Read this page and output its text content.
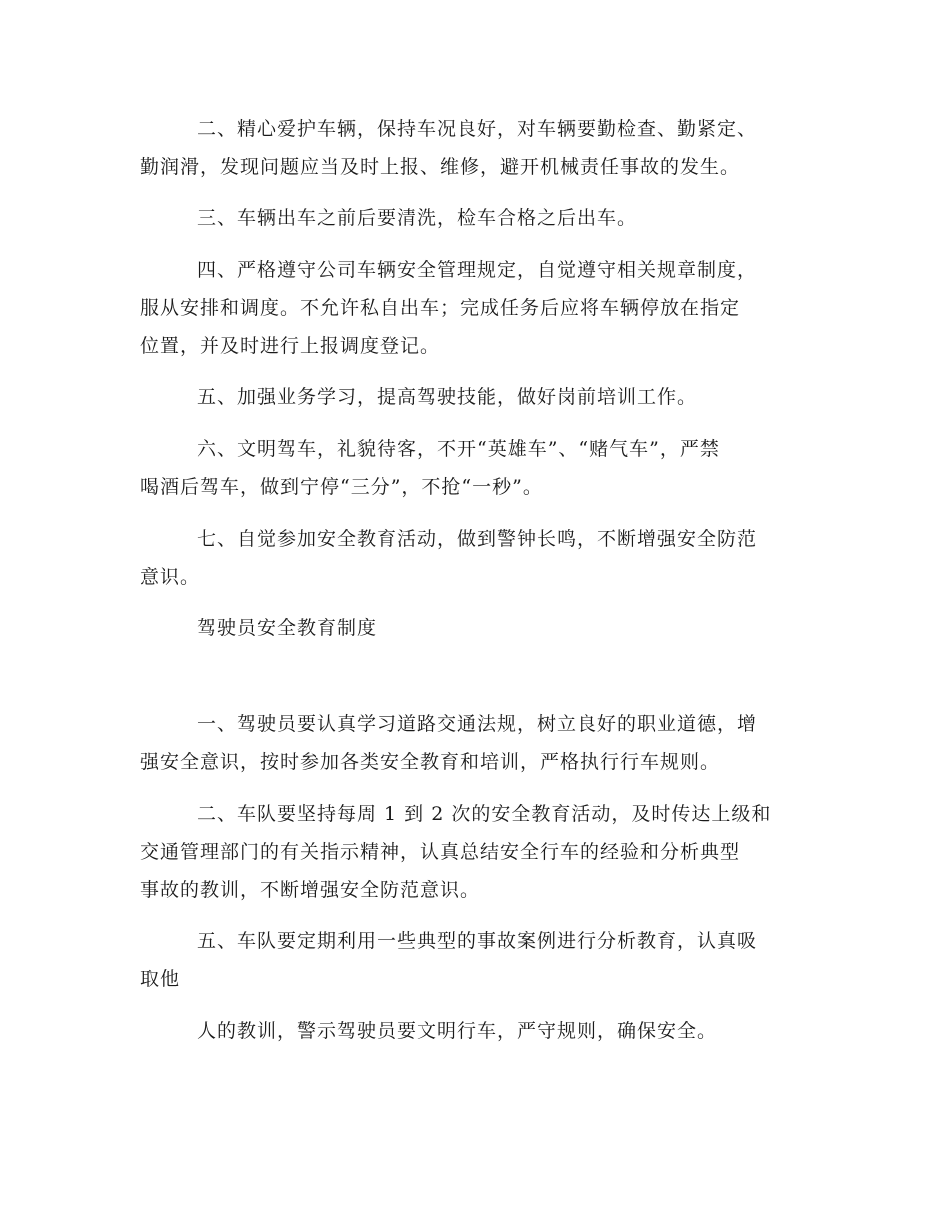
二、精心爱护车辆，保持车况良好，对车辆要勤检查、勤紧定、
勤润滑，发现问题应当及时上报、维修，避开机械责任事故的发生。
三、车辆出车之前后要清洗，检车合格之后出车。
四、严格遵守公司车辆安全管理规定，自觉遵守相关规章制度，
服从安排和调度。不允许私自出车；完成任务后应将车辆停放在指定
位置，并及时进行上报调度登记。
五、加强业务学习，提高驾驶技能，做好岗前培训工作。
六、文明驾车，礼貌待客，不开“英雄车”、“赌气车”，严禁
喝酒后驾车，做到宁停“三分”，不抢“一秒”。
七、自觉参加安全教育活动，做到警钟长鸣，不断增强安全防范
意识。
驾驶员安全教育制度
一、驾驶员要认真学习道路交通法规，树立良好的职业道德，增
强安全意识，按时参加各类安全教育和培训，严格执行行车规则。
二、车队要坚持每周 1 到 2 次的安全教育活动，及时传达上级和
交通管理部门的有关指示精神，认真总结安全行车的经验和分析典型
事故的教训，不断增强安全防范意识。
五、车队要定期利用一些典型的事故案例进行分析教育，认真吸
取他
人的教训，警示驾驶员要文明行车，严守规则，确保安全。
